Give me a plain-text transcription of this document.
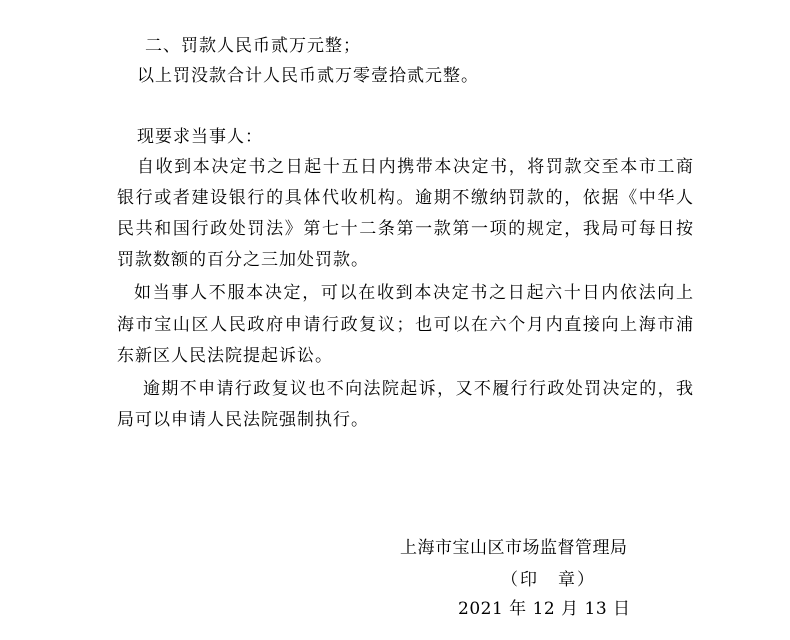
二、罚款人民币贰万元整；
以上罚没款合计人民币贰万零壹拾贰元整。
现要求当事人：
自收到本决定书之日起十五日内携带本决定书，将罚款交至本市工商
银行或者建设银行的具体代收机构。逾期不缴纳罚款的，依据《中华人
民共和国行政处罚法》第七十二条第一款第一项的规定，我局可每日按
罚款数额的百分之三加处罚款。
如当事人不服本决定，可以在收到本决定书之日起六十日内依法向上
海市宝山区人民政府申请行政复议；也可以在六个月内直接向上海市浦
东新区人民法院提起诉讼。
逾期不申请行政复议也不向法院起诉，又不履行行政处罚决定的，我
局可以申请人民法院强制执行。
上海市宝山区市场监督管理局
（印　章）
2021 年 12 月 13 日
